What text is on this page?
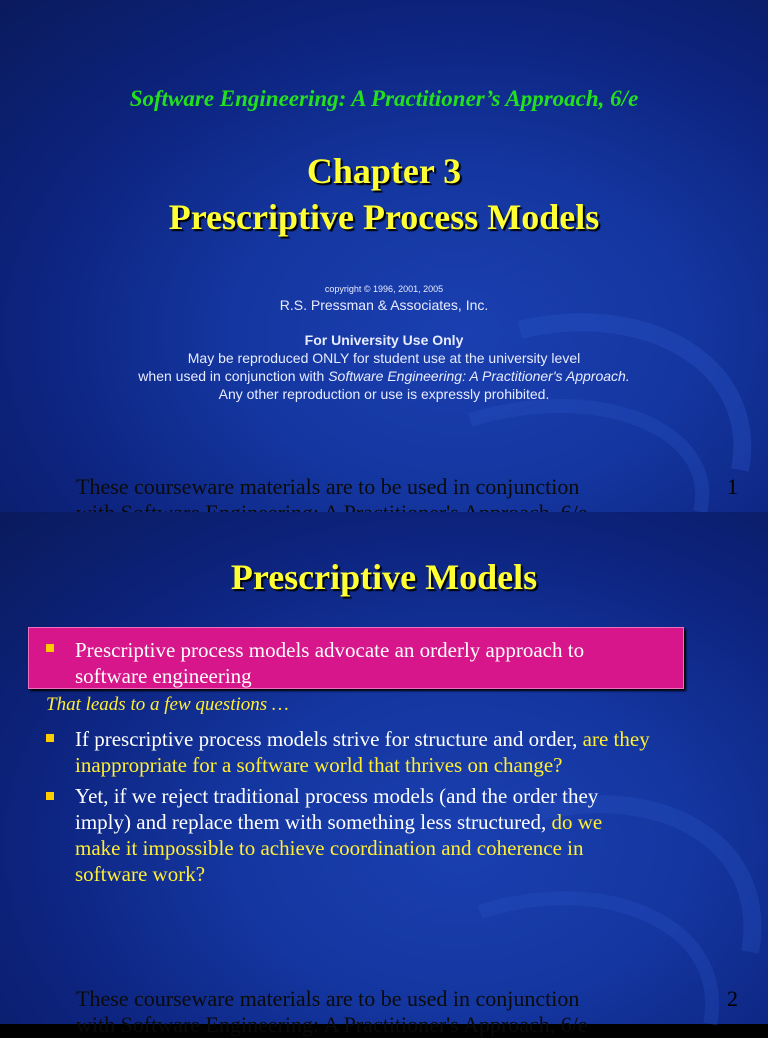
Software Engineering: A Practitioner’s Approach, 6/e
Chapter 3
Prescriptive Process Models
copyright © 1996, 2001, 2005
R.S. Pressman & Associates, Inc.
For University Use Only
May be reproduced ONLY for student use at the university level
when used in conjunction with Software Engineering: A Practitioner's Approach.
Any other reproduction or use is expressly prohibited.
These courseware materials are to be used in conjunction	1
Prescriptive Models
Prescriptive process models advocate an orderly approach to
software engineering
That leads to a few questions …
If prescriptive process models strive for structure and order, are they
inappropriate for a software world that thrives on change?
Yet, if we reject traditional process models (and the order they
imply) and replace them with something less structured, do we
make it impossible to achieve coordination and coherence in
software work?
These courseware materials are to be used in conjunction
with Software Engineering: A Practitioner's Approach, 6/e
2
